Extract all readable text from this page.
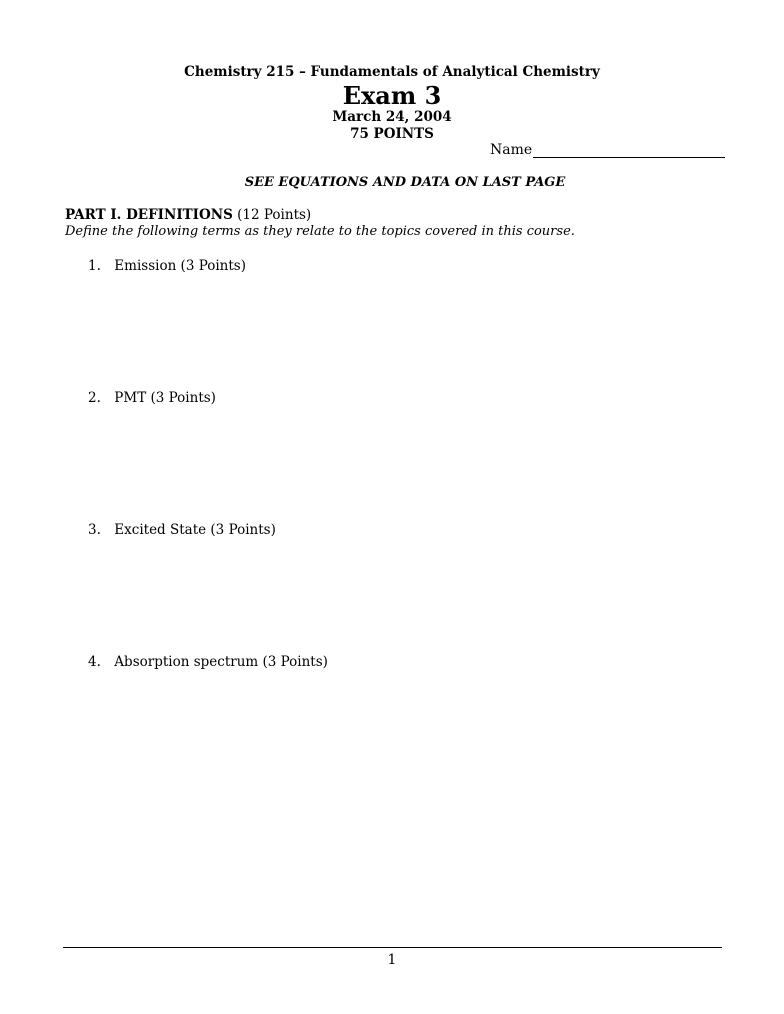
Chemistry 215 – Fundamentals of Analytical Chemistry
Exam 3
March 24, 2004
75 POINTS
Name
SEE EQUATIONS AND DATA ON LAST PAGE
PART I. DEFINITIONS (12 Points)
Define the following terms as they relate to the topics covered in this course.
1. Emission (3 Points)
2. PMT (3 Points)
3. Excited State (3 Points)
4. Absorption spectrum (3 Points)
1
